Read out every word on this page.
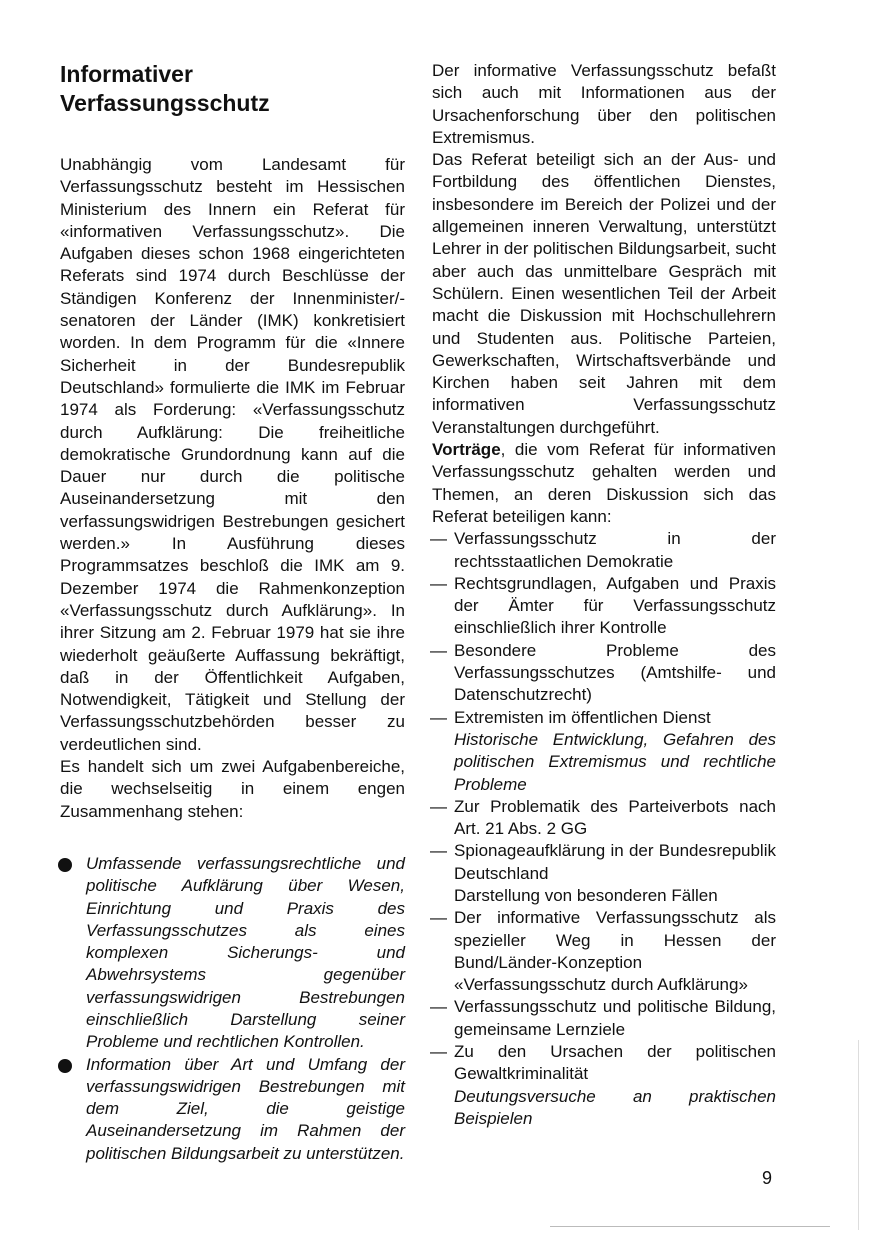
Informativer
Verfassungsschutz

Unabhängig vom Landesamt für Verfassungsschutz besteht im Hessischen Ministerium des Innern ein Referat für «informativen Verfassungsschutz». Die Aufgaben dieses schon 1968 eingerichteten Referats sind 1974 durch Beschlüsse der Ständigen Konferenz der Innenminister/-senatoren der Länder (IMK) konkretisiert worden. In dem Programm für die «Innere Sicherheit in der Bundesrepublik Deutschland» formulierte die IMK im Februar 1974 als Forderung: «Verfassungsschutz durch Aufklärung: Die freiheitliche demokratische Grundordnung kann auf die Dauer nur durch die politische Auseinandersetzung mit den verfassungswidrigen Bestrebungen gesichert werden.» In Ausführung dieses Programmsatzes beschloß die IMK am 9. Dezember 1974 die Rahmenkonzeption «Verfassungsschutz durch Aufklärung». In ihrer Sitzung am 2. Februar 1979 hat sie ihre wiederholt geäußerte Auffassung bekräftigt, daß in der Öffentlichkeit Aufgaben, Notwendigkeit, Tätigkeit und Stellung der Verfassungsschutzbehörden besser zu verdeutlichen sind.

Es handelt sich um zwei Aufgabenbereiche, die wechselseitig in einem engen Zusammenhang stehen:

Umfassende verfassungsrechtliche und politische Aufklärung über Wesen, Einrichtung und Praxis des Verfassungsschutzes als eines komplexen Sicherungs- und Abwehrsystems gegenüber verfassungswidrigen Bestrebungen einschließlich Darstellung seiner Probleme und rechtlichen Kontrollen.
Information über Art und Umfang der verfassungswidrigen Bestrebungen mit dem Ziel, die geistige Auseinandersetzung im Rahmen der politischen Bildungsarbeit zu unterstützen.

Der informative Verfassungsschutz befaßt sich auch mit Informationen aus der Ursachenforschung über den politischen Extremismus.

Das Referat beteiligt sich an der Aus- und Fortbildung des öffentlichen Dienstes, insbesondere im Bereich der Polizei und der allgemeinen inneren Verwaltung, unterstützt Lehrer in der politischen Bildungsarbeit, sucht aber auch das unmittelbare Gespräch mit Schülern. Einen wesentlichen Teil der Arbeit macht die Diskussion mit Hochschullehrern und Studenten aus. Politische Parteien, Gewerkschaften, Wirtschaftsverbände und Kirchen haben seit Jahren mit dem informativen Verfassungsschutz Veranstaltungen durchgeführt.

Vorträge, die vom Referat für informativen Verfassungsschutz gehalten werden und Themen, an deren Diskussion sich das Referat beteiligen kann:

— Verfassungsschutz in der rechtsstaatlichen Demokratie
— Rechtsgrundlagen, Aufgaben und Praxis der Ämter für Verfassungsschutz einschließlich ihrer Kontrolle
— Besondere Probleme des Verfassungsschutzes (Amtshilfe- und Datenschutzrecht)
— Extremisten im öffentlichen Dienst
Historische Entwicklung, Gefahren des politischen Extremismus und rechtliche Probleme
— Zur Problematik des Parteiverbots nach Art. 21 Abs. 2 GG
— Spionageaufklärung in der Bundesrepublik Deutschland
Darstellung von besonderen Fällen
— Der informative Verfassungsschutz als spezieller Weg in Hessen der Bund/Länder-Konzeption «Verfassungsschutz durch Aufklärung»
— Verfassungsschutz und politische Bildung, gemeinsame Lernziele
— Zu den Ursachen der politischen Gewaltkriminalität
Deutungsversuche an praktischen Beispielen
9
